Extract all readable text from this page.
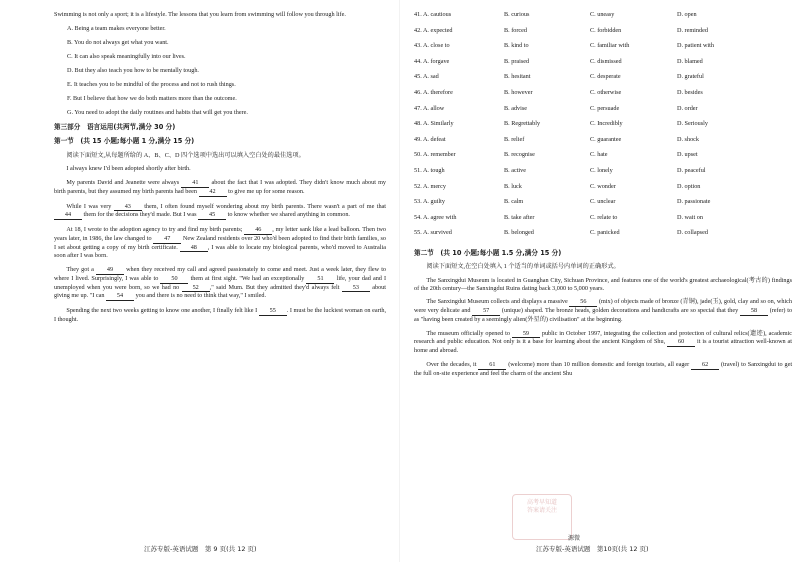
Swimming is not only a sport; it is a lifestyle. The lessons that you learn from swimming will follow you through life.

A. Being a team makes everyone better.

B. You do not always get what you want.

C. It can also speak meaningfully into our lives.

D. But they also teach you how to be mentally tough.

E. It teaches you to be mindful of the process and not to rush things.

F. But I believe that how we do both matters more than the outcome.

G. You need to adopt the daily routines and habits that will get you there.

第三部分　语言运用(共两节,满分 30 分)

第一节　(共 15 小题;每小题 1 分,满分 15 分)

阅读下面短文,从每题所给的 A、B、C、D 四个选项中选出可以填入空白处的最佳选项。

I always knew I'd been adopted shortly after birth.

My parents David and Jeanette were always 41 about the fact that I was adopted. They didn't know much about my birth parents, but they assumed my birth parents had been 42 to give me up for some reason.

While I was very 43 them, I often found myself wondering about my birth parents. There wasn't a part of me that 44 them for the decisions they'd made. But I was 45 to know whether we shared anything in common.

At 18, I wrote to the adoption agency to try and find my birth parents; 46 , my letter sank like a lead balloon. Then two years later, in 1986, the law changed to 47 New Zealand residents over 20 who'd been adopted to find their birth families, so I set about getting a copy of my birth certificate. 48 , I was able to locate my biological parents, who'd moved to Australia soon after I was born.

They got a 49 when they received my call and agreed passionately to come and meet. Just a week later, they flew to where I lived. Surprisingly, I was able to 50 them at first sight. "We had an exceptionally 51 life, your dad and I unemployed when you were born, so we had no 52 ," said Mum. But they admitted they'd always felt 53 about giving me up. "I can 54 you and there is no need to think that way," I smiled.

Spending the next two weeks getting to know one another, I finally felt like I 55 . I must be the luckiest woman on earth, I thought.

江苏专版-英语试题　第 9 页(共 12 页)
41. A. cautious	B. curious	C. uneasy	D. open
42. A. expected	B. forced	C. forbidden	D. reminded
43. A. close to	B. kind to	C. familiar with	D. patient with
44. A. forgave	B. praised	C. dismissed	D. blamed
45. A. sad	B. hesitant	C. desperate	D. grateful
46. A. therefore	B. however	C. otherwise	D. besides
47. A. allow	B. advise	C. persuade	D. order
48. A. Similarly	B. Regrettably	C. Incredibly	D. Seriously
49. A. defeat	B. relief	C. guarantee	D. shock
50. A. remember	B. recognise	C. hate	D. upset
51. A. tough	B. active	C. lonely	D. peaceful
52. A. mercy	B. luck	C. wonder	D. option
53. A. guilty	B. calm	C. unclear	D. passionate
54. A. agree with	B. take after	C. relate to	D. wait on
55. A. survived	B. belonged	C. panicked	D. collapsed

第二节　(共 10 小题;每小题 1.5 分,满分 15 分)

阅读下面短文,在空白处填入 1 个适当的单词或括号内单词的正确形式。

The Sanxingdui Museum is located in Guanghan City, Sichuan Province, and features one of the world's greatest archaeological(考古的) findings of the 20th century—the Sanxingdui Ruins dating back 3,000 to 5,000 years.

The Sanxingdui Museum collects and displays a massive 56 (mix) of objects made of bronze (青铜), jade(玉), gold, clay and so on, which were very delicate and 57 (unique) shaped. The bronze heads, golden decorations and handicrafts are so special that they 58 (refer) to as "having been created by a seemingly alien(外星的) civilisation" at the beginning.

The museum officially opened to 59 public in October 1997, integrating the collection and protection of cultural relics(遗迹), academic research and public education. Not only is it a base for learning about the ancient Kingdom of Shu, 60 it is a tourist attraction well-known at home and abroad.

Over the decades, it 61 (welcome) more than 10 million domestic and foreign tourists, all eager 62 (travel) to Sanxingdui to get the full on-site experience and feel the charm of the ancient Shu

江苏专版-英语试题　第10页(共 12 页)
高考早知道
答案请关注
源微
